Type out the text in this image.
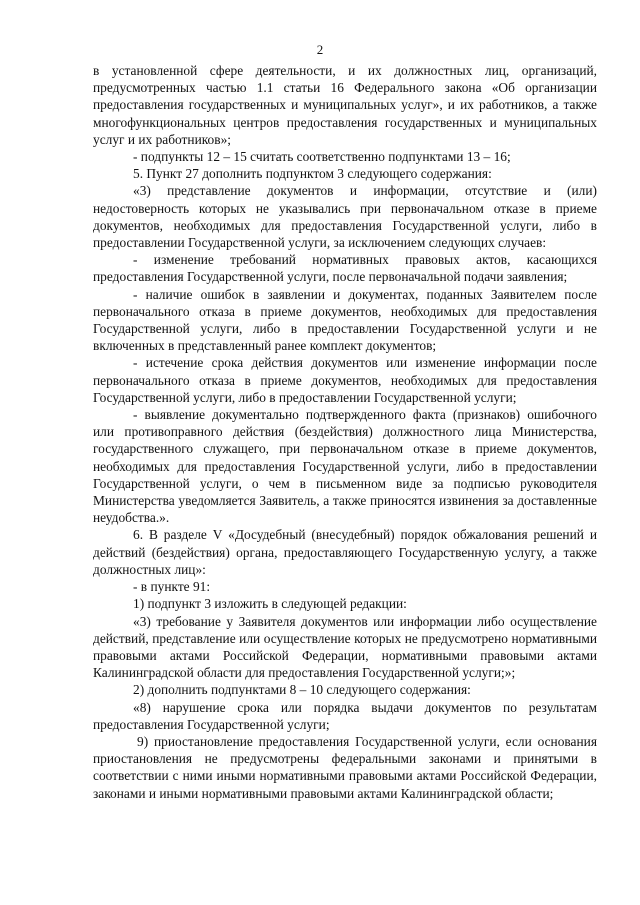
2

в установленной сфере деятельности, и их должностных лиц, организаций, предусмотренных частью 1.1 статьи 16 Федерального закона «Об организации предоставления государственных и муниципальных услуг», и их работников, а также многофункциональных центров предоставления государственных и муниципальных услуг и их работников»;

- подпункты 12 – 15 считать соответственно подпунктами 13 – 16;

5. Пункт 27 дополнить подпунктом 3 следующего содержания:

«3) представление документов и информации, отсутствие и (или) недостоверность которых не указывались при первоначальном отказе в приеме документов, необходимых для предоставления Государственной услуги, либо в предоставлении Государственной услуги, за исключением следующих случаев:

- изменение требований нормативных правовых актов, касающихся предоставления Государственной услуги, после первоначальной подачи заявления;

- наличие ошибок в заявлении и документах, поданных Заявителем после первоначального отказа в приеме документов, необходимых для предоставления Государственной услуги, либо в предоставлении Государственной услуги и не включенных в представленный ранее комплект документов;

- истечение срока действия документов или изменение информации после первоначального отказа в приеме документов, необходимых для предоставления Государственной услуги, либо в предоставлении Государственной услуги;

- выявление документально подтвержденного факта (признаков) ошибочного или противоправного действия (бездействия) должностного лица Министерства, государственного служащего, при первоначальном отказе в приеме документов, необходимых для предоставления Государственной услуги, либо в предоставлении Государственной услуги, о чем в письменном виде за подписью руководителя Министерства уведомляется Заявитель, а также приносятся извинения за доставленные неудобства.».

6. В разделе V «Досудебный (внесудебный) порядок обжалования решений и действий (бездействия) органа, предоставляющего Государственную услугу, а также должностных лиц»:

- в пункте 91:

1) подпункт 3 изложить в следующей редакции:

«3) требование у Заявителя документов или информации либо осуществление действий, представление или осуществление которых не предусмотрено нормативными правовыми актами Российской Федерации, нормативными правовыми актами Калининградской области для предоставления Государственной услуги;»;

2) дополнить подпунктами 8 – 10 следующего содержания:

«8) нарушение срока или порядка выдачи документов по результатам предоставления Государственной услуги;

9) приостановление предоставления Государственной услуги, если основания приостановления не предусмотрены федеральными законами и принятыми в соответствии с ними иными нормативными правовыми актами Российской Федерации, законами и иными нормативными правовыми актами Калининградской области;
